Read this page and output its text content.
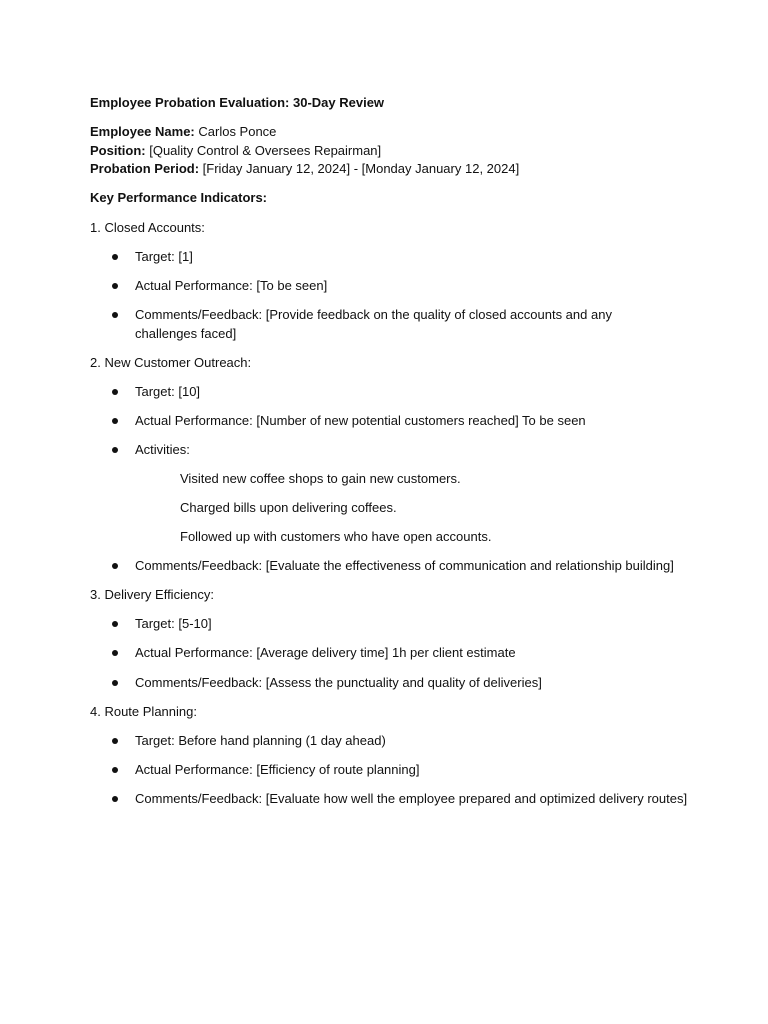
Employee Probation Evaluation: 30-Day Review
Employee Name: Carlos Ponce
Position: [Quality Control & Oversees Repairman]
Probation Period: [Friday January 12, 2024] - [Monday January 12, 2024]
Key Performance Indicators:
1. Closed Accounts:
Target: [1]
Actual Performance: [To be seen]
Comments/Feedback: [Provide feedback on the quality of closed accounts and any challenges faced]
2. New Customer Outreach:
Target: [10]
Actual Performance: [Number of new potential customers reached] To be seen
Activities:
Visited new coffee shops to gain new customers.
Charged bills upon delivering coffees.
Followed up with customers who have open accounts.
Comments/Feedback: [Evaluate the effectiveness of communication and relationship building]
3. Delivery Efficiency:
Target: [5-10]
Actual Performance: [Average delivery time] 1h per client estimate
Comments/Feedback: [Assess the punctuality and quality of deliveries]
4. Route Planning:
Target: Before hand planning (1 day ahead)
Actual Performance: [Efficiency of route planning]
Comments/Feedback: [Evaluate how well the employee prepared and optimized delivery routes]
